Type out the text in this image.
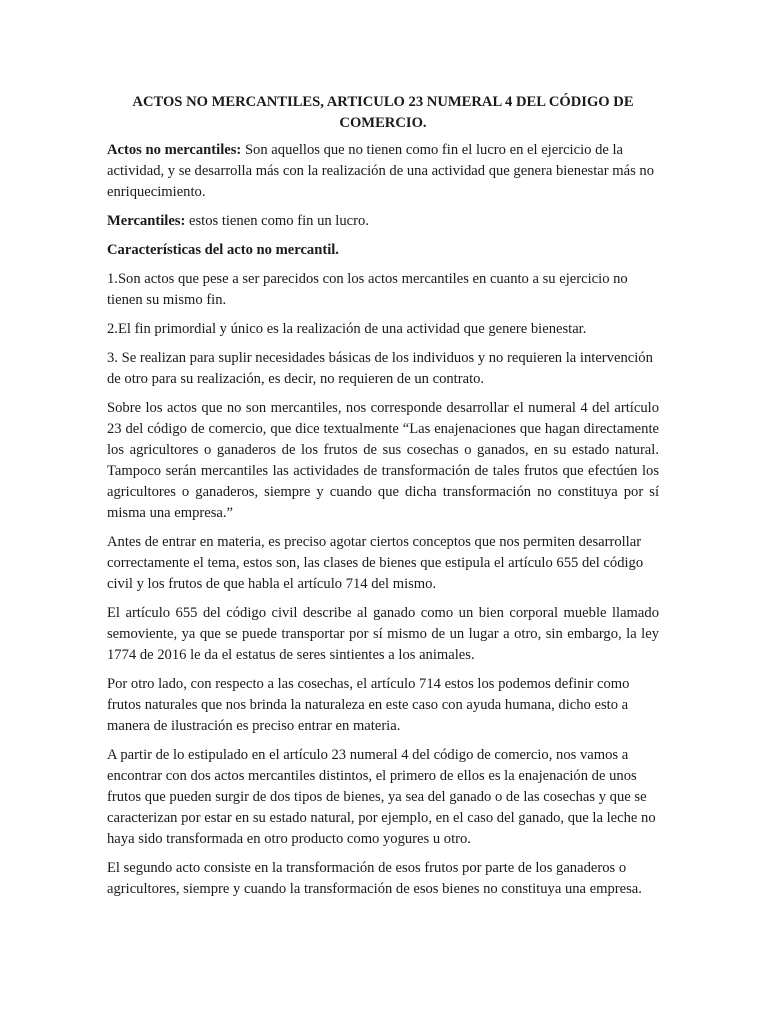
ACTOS NO MERCANTILES, ARTICULO 23 NUMERAL 4 DEL CÓDIGO DE COMERCIO.

Actos no mercantiles: Son aquellos que no tienen como fin el lucro en el ejercicio de la actividad, y se desarrolla más con la realización de una actividad que genera bienestar más no enriquecimiento.

Mercantiles: estos tienen como fin un lucro.

Características del acto no mercantil.

1.Son actos que pese a ser parecidos con los actos mercantiles en cuanto a su ejercicio no tienen su mismo fin.

2.El fin primordial y único es la realización de una actividad que genere bienestar.

3. Se realizan para suplir necesidades básicas de los individuos y no requieren la intervención de otro para su realización, es decir, no requieren de un contrato.

Sobre los actos que no son mercantiles, nos corresponde desarrollar el numeral 4 del artículo 23 del código de comercio, que dice textualmente “Las enajenaciones que hagan directamente los agricultores o ganaderos de los frutos de sus cosechas o ganados, en su estado natural. Tampoco serán mercantiles las actividades de transformación de tales frutos que efectúen los agricultores o ganaderos, siempre y cuando que dicha transformación no constituya por sí misma una empresa.”

Antes de entrar en materia, es preciso agotar ciertos conceptos que nos permiten desarrollar correctamente el tema, estos son, las clases de bienes que estipula el artículo 655 del código civil y los frutos de que habla el artículo 714 del mismo.

El artículo 655 del código civil describe al ganado como un bien corporal mueble llamado semoviente, ya que se puede transportar por sí mismo de un lugar a otro, sin embargo, la ley 1774 de 2016 le da el estatus de seres sintientes a los animales.

Por otro lado, con respecto a las cosechas, el artículo 714 estos los podemos definir como frutos naturales que nos brinda la naturaleza en este caso con ayuda humana, dicho esto a manera de ilustración es preciso entrar en materia.

A partir de lo estipulado en el artículo 23 numeral 4 del código de comercio, nos vamos a encontrar con dos actos mercantiles distintos, el primero de ellos es la enajenación de unos frutos que pueden surgir de dos tipos de bienes, ya sea del ganado o de las cosechas y que se caracterizan por estar en su estado natural, por ejemplo, en el caso del ganado, que la leche no haya sido transformada en otro producto como yogures u otro.

El segundo acto consiste en la transformación de esos frutos por parte de los ganaderos o agricultores, siempre y cuando la transformación de esos bienes no constituya una empresa.
